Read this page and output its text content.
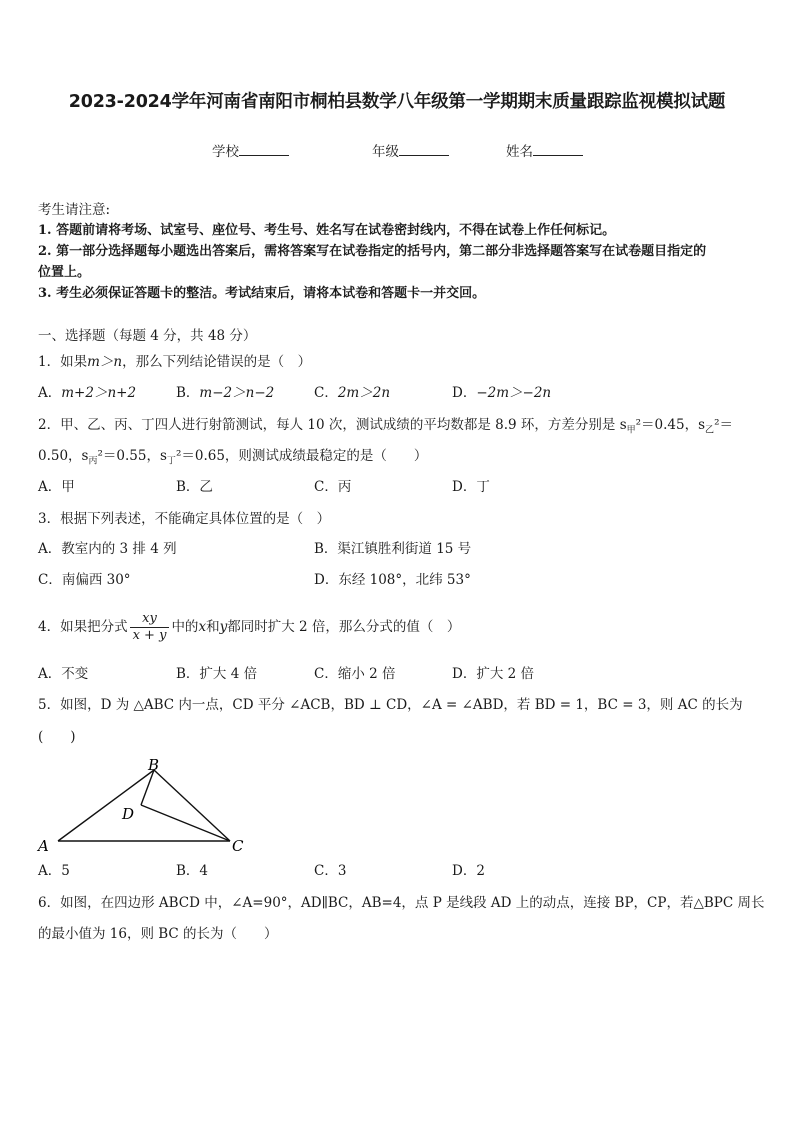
2023-2024学年河南省南阳市桐柏县数学八年级第一学期期末质量跟踪监视模拟试题
学校	年级	姓名
考生请注意:
1. 答题前请将考场、试室号、座位号、考生号、姓名写在试卷密封线内，不得在试卷上作任何标记。
2. 第一部分选择题每小题选出答案后，需将答案写在试卷指定的括号内，第二部分非选择题答案写在试卷题目指定的
位置上。
3. 考生必须保证答题卡的整洁。考试结束后，请将本试卷和答题卡一并交回。
一、选择题（每题 4 分，共 48 分）
1．如果m＞n，那么下列结论错误的是（　）
A．m+2＞n+2	B．m−2＞n−2	C．2m＞2n	D．−2m＞−2n
2．甲、乙、丙、丁四人进行射箭测试，每人 10 次，测试成绩的平均数都是 8.9 环，方差分别是 $s_甲^2=0.45$，$s_乙^2=$
0.50，$s_丙^2=0.55$，$s_丁^2=0.65$，则测试成绩最稳定的是（　　）
A．甲	B．乙	C．丙	D．丁
3．根据下列表述，不能确定具体位置的是（　）
A．教室内的 3 排 4 列	B．渠江镇胜利街道 15 号
C．南偏西 30°	D．东经 108°，北纬 53°
4．如果把分式 $\frac{xy}{x + y}$ 中的x和y都同时扩大 2 倍，那么分式的值（　）
A．不变	B．扩大 4 倍	C．缩小 2 倍	D．扩大 2 倍
5．如图，D 为 △ABC 内一点，CD 平分 ∠ACB，BD ⊥ CD，∠A = ∠ABD，若 BD = 1，BC = 3，则 AC 的长为
(　　)
B
D
A	C
A．5	B．4	C．3	D．2
6．如图，在四边形 ABCD 中，∠A=90°，AD∥BC，AB=4，点 P 是线段 AD 上的动点，连接 BP，CP，若△BPC 周长
的最小值为 16，则 BC 的长为（　　）
